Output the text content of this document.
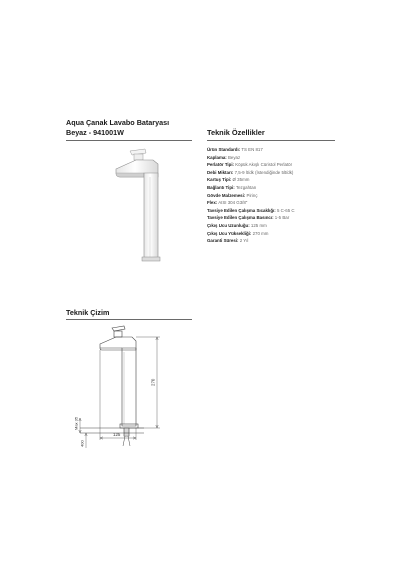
Aqua Çanak Lavabo Bataryası
Beyaz - 941001W	Teknik Özellikler
Ürün Standardı: TS EN 817
Kaplama: Beyaz
Perlatör Tipi: Köpük Akışlı Cüristol Perlatör
Debi Miktarı: 7,5-9 lt/dk (İstendiğinde 5lt/dk)
Kartuş Tipi: Ø 35mm
Bağlantı Tipi: Tezgahtan
Gövde Malzemesi: Pirinç
Flex: AISI 304 G3/8"
Tavsiye Edilen Çalışma Sıcaklığı: 5 C-65 C
Tavsiye Edilen Çalışma Basıncı: 1-5 Bar
Çıkış Ucu Uzunluğu: 125 mm
Çıkış Ucu Yüksekliği: 270 mm
Garanti Süresi: 2 Yıl
Teknik Çizim
270
125
Max 35
400
